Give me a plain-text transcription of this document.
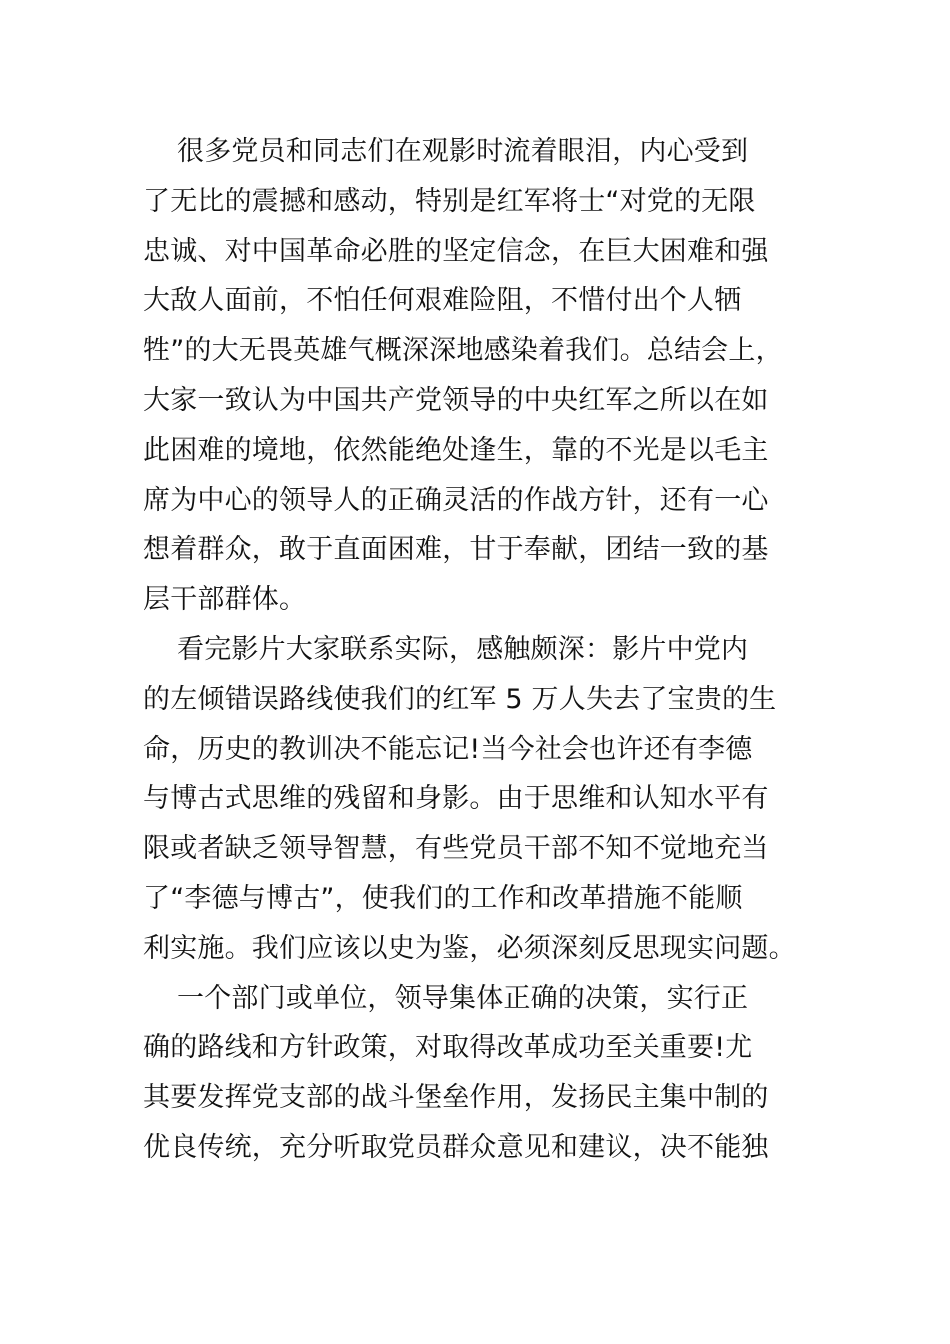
很多党员和同志们在观影时流着眼泪，内心受到
了无比的震撼和感动，特别是红军将士“对党的无限
忠诚、对中国革命必胜的坚定信念，在巨大困难和强
大敌人面前，不怕任何艰难险阻，不惜付出个人牺
牲”的大无畏英雄气概深深地感染着我们。总结会上，
大家一致认为中国共产党领导的中央红军之所以在如
此困难的境地，依然能绝处逢生，靠的不光是以毛主
席为中心的领导人的正确灵活的作战方针，还有一心
想着群众，敢于直面困难，甘于奉献，团结一致的基
层干部群体。

看完影片大家联系实际，感触颇深：影片中党内
的左倾错误路线使我们的红军 5 万人失去了宝贵的生
命，历史的教训决不能忘记!当今社会也许还有李德
与博古式思维的残留和身影。由于思维和认知水平有
限或者缺乏领导智慧，有些党员干部不知不觉地充当
了“李德与博古”，使我们的工作和改革措施不能顺
利实施。我们应该以史为鉴，必须深刻反思现实问题。

一个部门或单位，领导集体正确的决策，实行正
确的路线和方针政策，对取得改革成功至关重要!尤
其要发挥党支部的战斗堡垒作用，发扬民主集中制的
优良传统，充分听取党员群众意见和建议，决不能独
